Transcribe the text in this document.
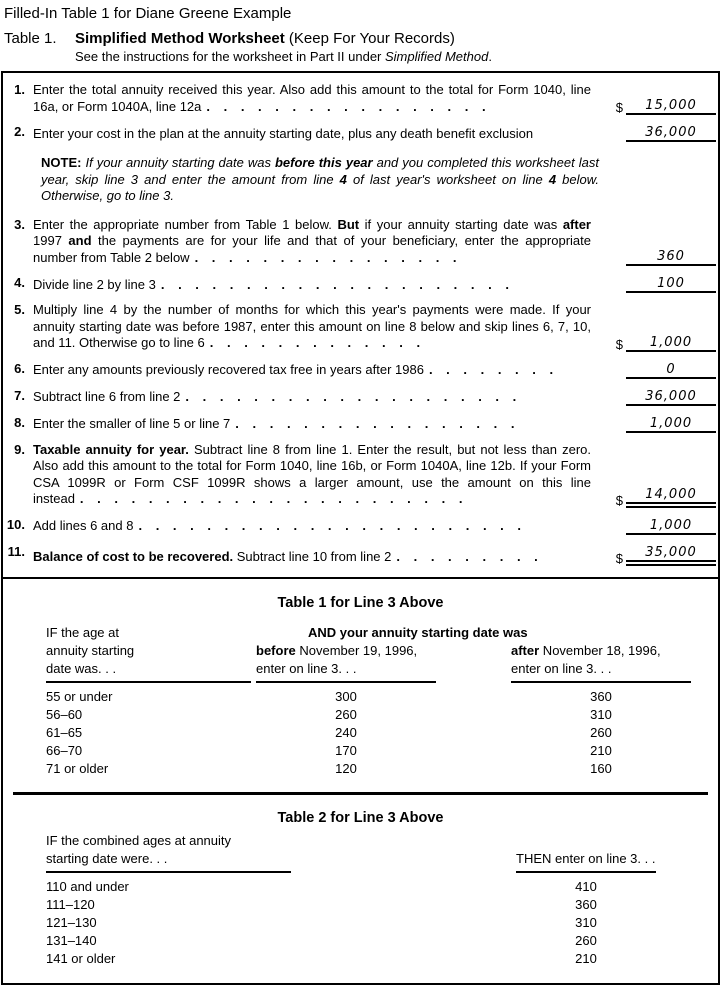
Filled-In Table 1 for Diane Greene Example
Table 1.	Simplified Method Worksheet (Keep For Your Records)
See the instructions for the worksheet in Part II under Simplified Method.
1. Enter the total annuity received this year. Also add this amount to the total for Form 1040, line 16a, or Form 1040A, line 12a . . . . . . . . . . . . . . . . .	$	15,000
2. Enter your cost in the plan at the annuity starting date, plus any death benefit exclusion	36,000
NOTE: If your annuity starting date was before this year and you completed this worksheet last year, skip line 3 and enter the amount from line 4 of last year's worksheet on line 4 below. Otherwise, go to line 3.
3. Enter the appropriate number from Table 1 below. But if your annuity starting date was after 1997 and the payments are for your life and that of your beneficiary, enter the appropriate number from Table 2 below . . . . . . . . . . . . . . . .	360
4. Divide line 2 by line 3 . . . . . . . . . . . . . . . . . . . . .	100
5. Multiply line 4 by the number of months for which this year's payments were made. If your annuity starting date was before 1987, enter this amount on line 8 below and skip lines 6, 7, 10, and 11. Otherwise go to line 6 . . . . . . . . . . . . .	$	1,000
6. Enter any amounts previously recovered tax free in years after 1986 . . . . . . . .	0
7. Subtract line 6 from line 2 . . . . . . . . . . . . . . . . . . . .	36,000
8. Enter the smaller of line 5 or line 7 . . . . . . . . . . . . . . . . .	1,000
9. Taxable annuity for year. Subtract line 8 from line 1. Enter the result, but not less than zero. Also add this amount to the total for Form 1040, line 16b, or Form 1040A, line 12b. If your Form CSA 1099R or Form CSF 1099R shows a larger amount, use the amount on this line instead . . . . . . . . . . . . . . . . . . . . . . .	$	14,000
10. Add lines 6 and 8 . . . . . . . . . . . . . . . . . . . . . . .	1,000
11. Balance of cost to be recovered. Subtract line 10 from line 2 . . . . . . . . .	$	35,000
Table 1 for Line 3 Above
IF the age at
annuity starting
date was. . .
AND your annuity starting date was
before November 19, 1996,
enter on line 3. . .
after November 18, 1996,
enter on line 3. . .
55 or under	300	360
56–60	260	310
61–65	240	260
66–70	170	210
71 or older	120	160
Table 2 for Line 3 Above
IF the combined ages at annuity
starting date were. . .	THEN enter on line 3. . .
110 and under	410
111–120	360
121–130	310
131–140	260
141 or older	210
